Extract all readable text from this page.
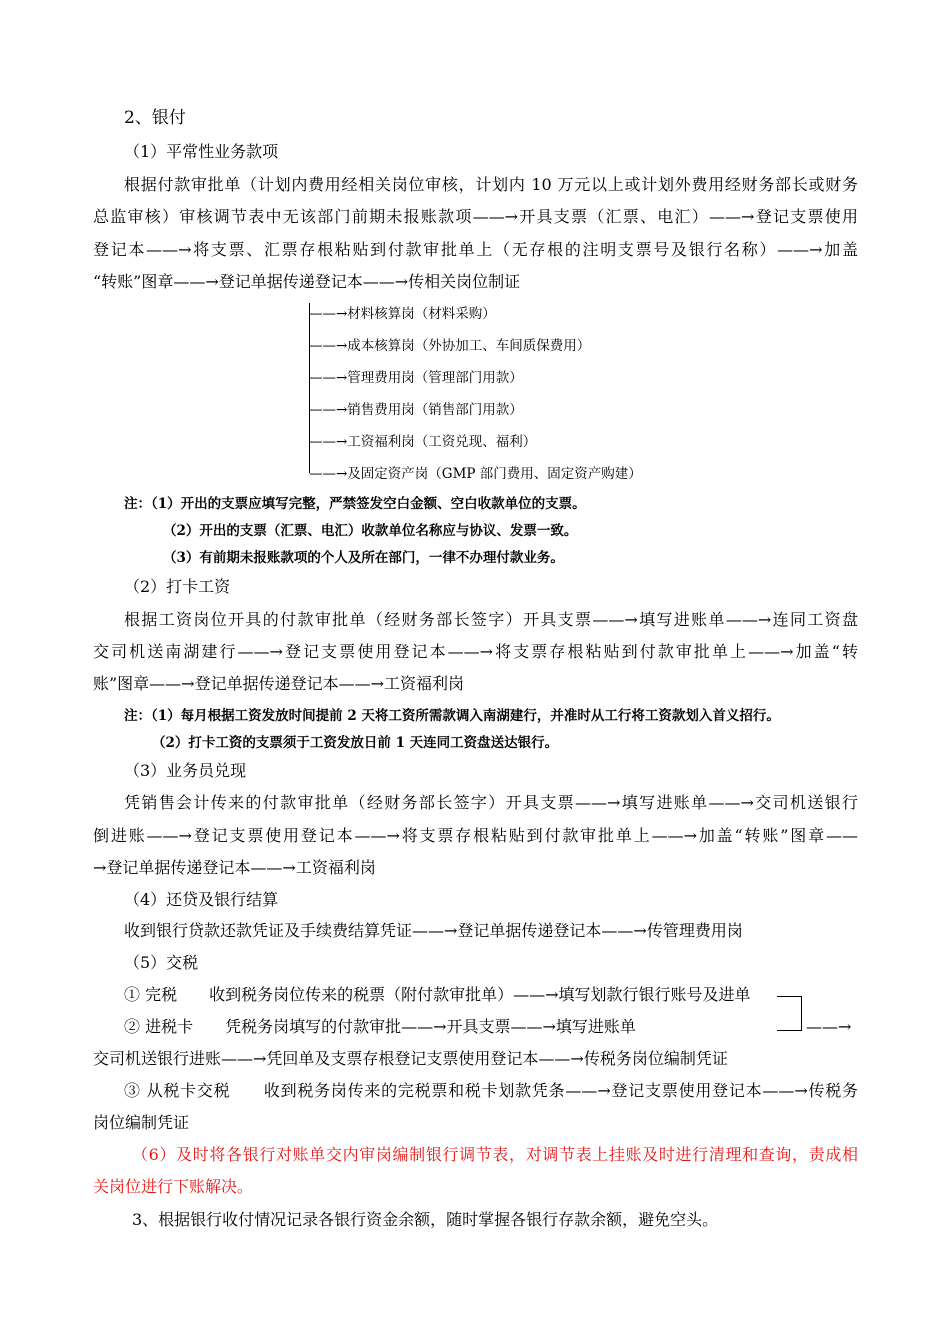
2、银付
（1）平常性业务款项
根据付款审批单（计划内费用经相关岗位审核，计划内 10 万元以上或计划外费用经财务部长或财务
总监审核）审核调节表中无该部门前期未报账款项——→开具支票（汇票、电汇）——→登记支票使用
登记本——→将支票、汇票存根粘贴到付款审批单上（无存根的注明支票号及银行名称）——→加盖
“转账”图章——→登记单据传递登记本——→传相关岗位制证
——→材料核算岗（材料采购）
——→成本核算岗（外协加工、车间质保费用）
——→管理费用岗（管理部门用款）
——→销售费用岗（销售部门用款）
——→工资福利岗（工资兑现、福利）
——→及固定资产岗（GMP 部门费用、固定资产购建）
注：（1）开出的支票应填写完整，严禁签发空白金额、空白收款单位的支票。
（2）开出的支票（汇票、电汇）收款单位名称应与协议、发票一致。
（3）有前期未报账款项的个人及所在部门，一律不办理付款业务。
（2）打卡工资
根据工资岗位开具的付款审批单（经财务部长签字）开具支票——→填写进账单——→连同工资盘
交司机送南湖建行——→登记支票使用登记本——→将支票存根粘贴到付款审批单上——→加盖“转
账”图章——→登记单据传递登记本——→工资福利岗
注：（1）每月根据工资发放时间提前 2 天将工资所需款调入南湖建行，并准时从工行将工资款划入首义招行。
（2）打卡工资的支票须于工资发放日前 1 天连同工资盘送达银行。
（3）业务员兑现
凭销售会计传来的付款审批单（经财务部长签字）开具支票——→填写进账单——→交司机送银行
倒进账——→登记支票使用登记本——→将支票存根粘贴到付款审批单上——→加盖“转账”图章——
→登记单据传递登记本——→工资福利岗
（4）还贷及银行结算
收到银行贷款还款凭证及手续费结算凭证——→登记单据传递登记本——→传管理费用岗
（5）交税
① 完税　　收到税务岗位传来的税票（附付款审批单）——→填写划款行银行账号及进单
② 进税卡　　凭税务岗填写的付款审批——→开具支票——→填写进账单	——→
交司机送银行进账——→凭回单及支票存根登记支票使用登记本——→传税务岗位编制凭证
③ 从税卡交税　　收到税务岗传来的完税票和税卡划款凭条——→登记支票使用登记本——→传税务
岗位编制凭证
（6）及时将各银行对账单交内审岗编制银行调节表，对调节表上挂账及时进行清理和查询，责成相
关岗位进行下账解决。
3、根据银行收付情况记录各银行资金余额，随时掌握各银行存款余额，避免空头。
